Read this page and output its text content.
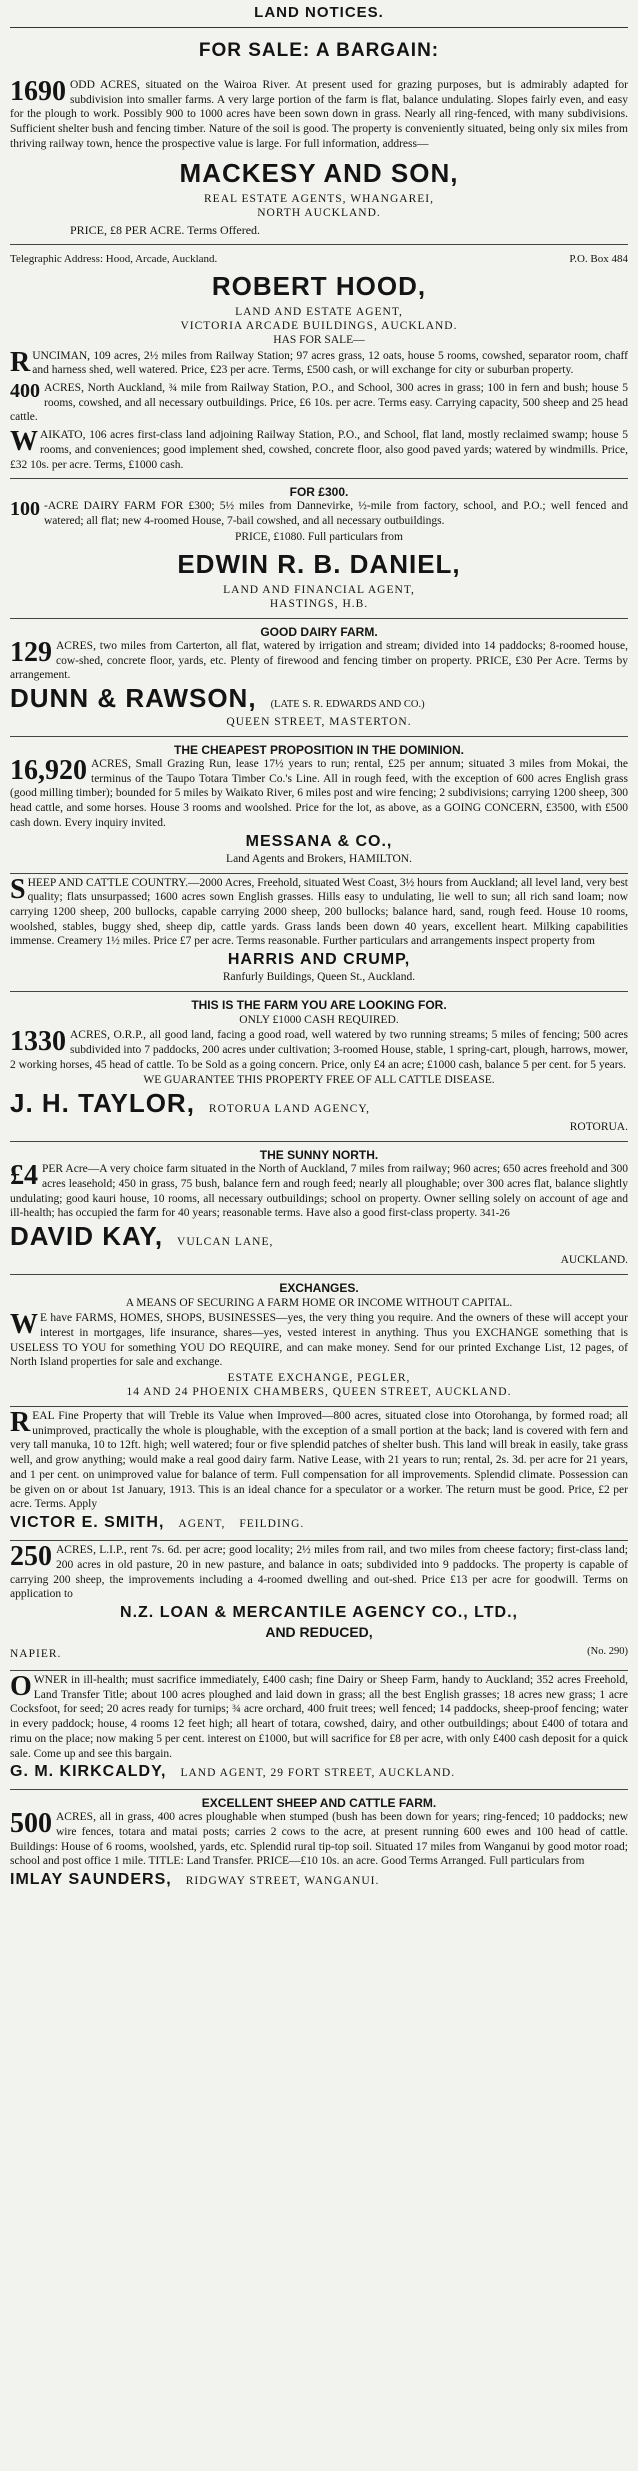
LAND NOTICES.
FOR SALE: A BARGAIN:

1690 ODD ACRES, situated on the Wairoa River. At present used for grazing purposes, but is admirably adapted for subdivision into smaller farms. A very large portion of the farm is flat, balance undulating. Slopes fairly even, and easy for the plough to work. Possibly 900 to 1000 acres have been sown down in grass. Nearly all ring-fenced, with many subdivisions. Sufficient shelter bush and fencing timber. Nature of the soil is good. The property is conveniently situated, being only six miles from thriving railway town, hence the prospective value is large. For full information, address—

MACKESY AND SON,
REAL ESTATE AGENTS, WHANGAREI,
NORTH AUCKLAND.
PRICE, £8 PER ACRE. Terms Offered.
Telegraphic Address: Hood, Arcade, Auckland.	P.O. Box 484
ROBERT HOOD,
LAND AND ESTATE AGENT,
VICTORIA ARCADE BUILDINGS, AUCKLAND.
HAS FOR SALE—

RUNCIMAN, 109 acres, 2½ miles from Railway Station; 97 acres grass, 12 oats, house 5 rooms, cowshed, separator room, chaff and harness shed, well watered. Price, £23 per acre. Terms, £500 cash, or will exchange for city or suburban property.

400 ACRES, North Auckland, ¾ mile from Railway Station, P.O., and School, 300 acres in grass; 100 in fern and bush; house 5 rooms, cowshed, and all necessary outbuildings. Price, £6 10s. per acre. Terms easy. Carrying capacity, 500 sheep and 25 head cattle.

WAIKATO, 106 acres first-class land adjoining Railway Station, P.O., and School, flat land, mostly reclaimed swamp; house 5 rooms, and conveniences; good implement shed, cowshed, concrete floor, also good paved yards; watered by windmills. Price, £32 10s. per acre. Terms, £1000 cash.

FOR £300.

100 -ACRE DAIRY FARM FOR £300; 5½ miles from Dannevirke, ½-mile from factory, school, and P.O.; well fenced and watered; all flat; new 4-roomed House, 7-bail cowshed, and all necessary outbuildings.

PRICE, £1080. Full particulars from
EDWIN R. B. DANIEL,
LAND AND FINANCIAL AGENT,
HASTINGS, H.B.
GOOD DAIRY FARM.

129 ACRES, two miles from Carterton, all flat, watered by irrigation and stream; divided into 14 paddocks; 8-roomed house, cow-shed, concrete floor, yards, etc. Plenty of firewood and fencing timber on property. PRICE, £30 Per Acre. Terms by arrangement.

DUNN & RAWSON, (LATE S. R. EDWARDS AND CO.)
QUEEN STREET, MASTERTON.
THE CHEAPEST PROPOSITION IN THE DOMINION.

16,920 ACRES, Small Grazing Run, lease 17½ years to run; rental, £25 per annum; situated 3 miles from Mokai, the terminus of the Taupo Totara Timber Co.'s Line. All in rough feed, with the exception of 600 acres English grass (good milling timber); bounded for 5 miles by Waikato River, 6 miles post and wire fencing; 2 subdivisions; carrying 1200 sheep, 300 head cattle, and some horses. House 3 rooms and woolshed. Price for the lot, as above, as a GOING CONCERN, £3500, with £500 cash down. Every inquiry invited.

MESSANA & CO.,
Land Agents and Brokers, HAMILTON.

SHEEP AND CATTLE COUNTRY.—2000 Acres, Freehold, situated West Coast, 3½ hours from Auckland; all level land, very best quality; flats unsurpassed; 1600 acres sown English grasses. Hills easy to undulating, lie well to sun; all rich sand loam; now carrying 1200 sheep, 200 bullocks, capable carrying 2000 sheep, 200 bullocks; balance hard, sand, rough feed. House 10 rooms, woolshed, stables, buggy shed, sheep dip, cattle yards. Grass lands been down 40 years, excellent heart. Milking capabilities immense. Creamery 1½ miles. Price £7 per acre. Terms reasonable. Further particulars and arrangements inspect property from

HARRIS AND CRUMP,
Ranfurly Buildings, Queen St., Auckland.
THIS IS THE FARM YOU ARE LOOKING FOR.
ONLY £1000 CASH REQUIRED.

1330 ACRES, O.R.P., all good land, facing a good road, well watered by two running streams; 5 miles of fencing; 500 acres subdivided into 7 paddocks, 200 acres under cultivation; 3-roomed House, stable, 1 spring-cart, plough, harrows, mower, 2 working horses, 45 head of cattle. To be Sold as a going concern. Price, only £4 an acre; £1000 cash, balance 5 per cent. for 5 years.

WE GUARANTEE THIS PROPERTY FREE OF ALL CATTLE DISEASE.
J. H. TAYLOR, ROTORUA LAND AGENCY,
ROTORUA.
THE SUNNY NORTH.

£4 PER Acre—A very choice farm situated in the North of Auckland, 7 miles from railway; 960 acres; 650 acres freehold and 300 acres leasehold; 450 in grass, 75 bush, balance fern and rough feed; nearly all ploughable; over 300 acres flat, balance slightly undulating; good kauri house, 10 rooms, all necessary outbuildings; school on property. Owner selling solely on account of age and ill-health; has occupied the farm for 40 years; reasonable terms. Have also a good first-class property. 341-26

DAVID KAY, VULCAN LANE,
AUCKLAND.
EXCHANGES.
A MEANS OF SECURING A FARM HOME OR INCOME WITHOUT CAPITAL.

W E have FARMS, HOMES, SHOPS, BUSINESSES—yes, the very thing you require. And the owners of these will accept your interest in mortgages, life insurance, shares—yes, vested interest in anything. Thus you EXCHANGE something that is USELESS TO YOU for something YOU DO REQUIRE, and can make money. Send for our printed Exchange List, 12 pages, of North Island properties for sale and exchange.

ESTATE EXCHANGE, PEGLER,
14 AND 24 PHOENIX CHAMBERS, QUEEN STREET, AUCKLAND.

REAL Fine Property that will Treble its Value when Improved—800 acres, situated close into Otorohanga, by formed road; all unimproved, practically the whole is ploughable, with the exception of a small portion at the back; land is covered with fern and very tall manuka, 10 to 12ft. high; well watered; four or five splendid patches of shelter bush. This land will break in easily, take grass well, and grow anything; would make a real good dairy farm. Native Lease, with 21 years to run; rental, 2s. 3d. per acre for 21 years, and 1 per cent. on unimproved value for balance of term. Full compensation for all improvements. Splendid climate. Possession can be given on or about 1st January, 1913. This is an ideal chance for a speculator or a worker. The return must be good. Price, £2 per acre. Terms. Apply

VICTOR E. SMITH, AGENT, FEILDING.

250 ACRES, L.I.P., rent 7s. 6d. per acre; good locality; 2½ miles from rail, and two miles from cheese factory; first-class land; 200 acres in old pasture, 20 in new pasture, and balance in oats; subdivided into 9 paddocks. The property is capable of carrying 200 sheep, the improvements including a 4-roomed dwelling and out-shed. Price £13 per acre for goodwill. Terms on application to

N.Z. LOAN & MERCANTILE AGENCY CO., LTD.,
AND REDUCED,
NAPIER.	(No. 290)

OWNER in ill-health; must sacrifice immediately, £400 cash; fine Dairy or Sheep Farm, handy to Auckland; 352 acres Freehold, Land Transfer Title; about 100 acres ploughed and laid down in grass; all the best English grasses; 18 acres new grass; 1 acre Cocksfoot, for seed; 20 acres ready for turnips; ¾ acre orchard, 400 fruit trees; well fenced; 14 paddocks, sheep-proof fencing; water in every paddock; house, 4 rooms 12 feet high; all heart of totara, cowshed, dairy, and other outbuildings; about £400 of totara and rimu on the place; now making 5 per cent. interest on £1000, but will sacrifice for £8 per acre, with only £400 cash deposit for a quick sale. Come up and see this bargain.

G. M. KIRKCALDY, LAND AGENT, 29 FORT STREET, AUCKLAND.
EXCELLENT SHEEP AND CATTLE FARM.

500 ACRES, all in grass, 400 acres ploughable when stumped (bush has been down for years; ring-fenced; 10 paddocks; new wire fences, totara and matai posts; carries 2 cows to the acre, at present running 600 ewes and 100 head of cattle. Buildings: House of 6 rooms, woolshed, yards, etc. Splendid rural tip-top soil. Situated 17 miles from Wanganui by good motor road; school and post office 1 mile. TITLE: Land Transfer. PRICE—£10 10s. an acre. Good Terms Arranged. Full particulars from

IMLAY SAUNDERS, RIDGWAY STREET, WANGANUI.
